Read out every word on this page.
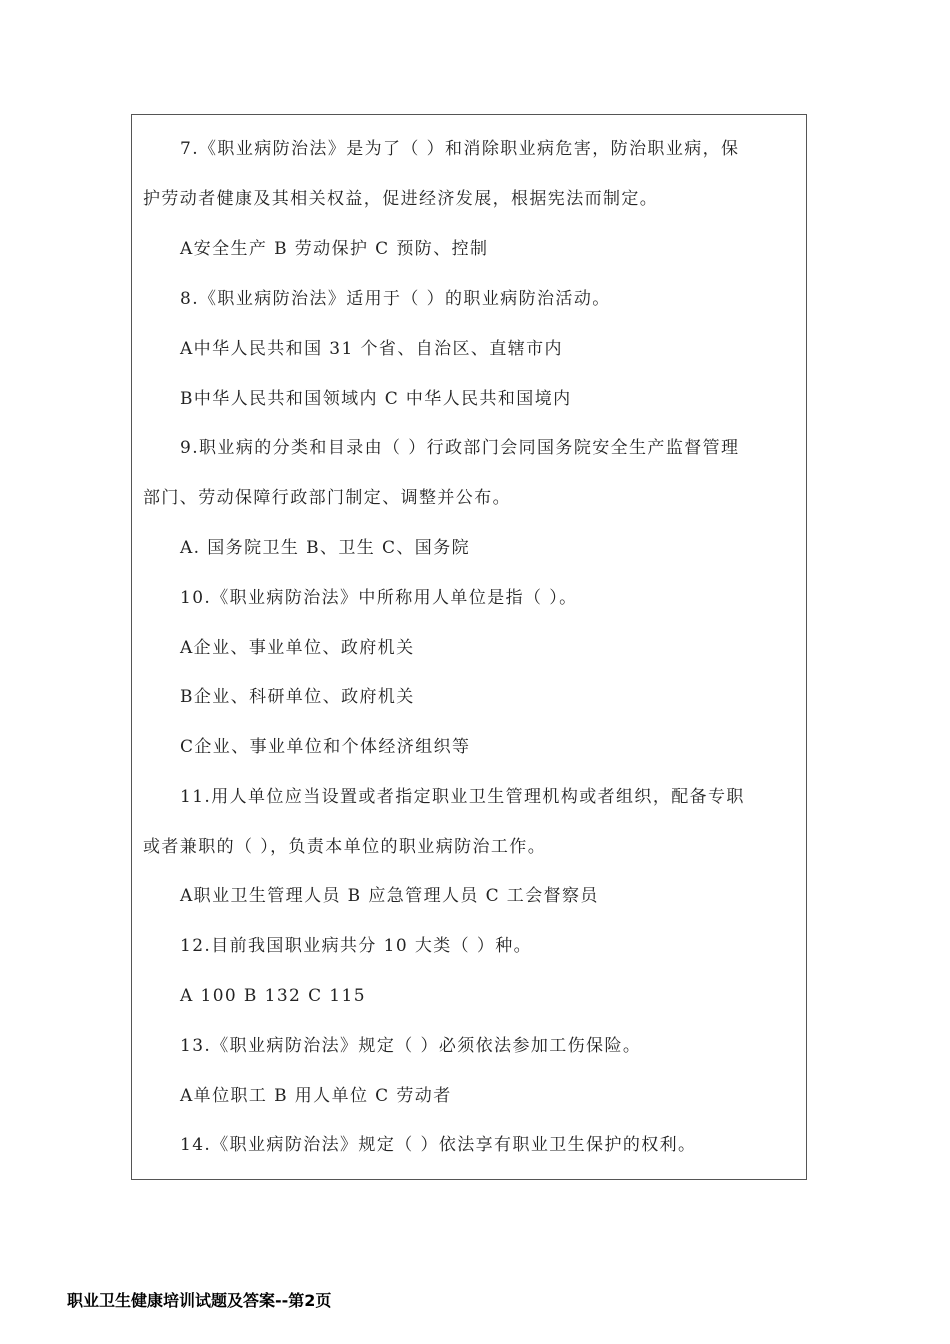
7.《职业病防治法》是为了（ ）和消除职业病危害，防治职业病，保
护劳动者健康及其相关权益，促进经济发展，根据宪法而制定。
A安全生产 B 劳动保护 C 预防、控制
8.《职业病防治法》适用于（ ）的职业病防治活动。
A中华人民共和国 31 个省、自治区、直辖市内
B中华人民共和国领域内 C 中华人民共和国境内
9.职业病的分类和目录由（ ）行政部门会同国务院安全生产监督管理
部门、劳动保障行政部门制定、调整并公布。
A. 国务院卫生 B、卫生 C、国务院
10.《职业病防治法》中所称用人单位是指（ ）。
A企业、事业单位、政府机关
B企业、科研单位、政府机关
C企业、事业单位和个体经济组织等
11.用人单位应当设置或者指定职业卫生管理机构或者组织，配备专职
或者兼职的（ ），负责本单位的职业病防治工作。
A职业卫生管理人员 B 应急管理人员 C 工会督察员
12.目前我国职业病共分 10 大类（ ）种。
A 100 B 132 C 115
13.《职业病防治法》规定（ ）必须依法参加工伤保险。
A单位职工 B 用人单位 C 劳动者
14.《职业病防治法》规定（ ）依法享有职业卫生保护的权利。
职业卫生健康培训试题及答案--第2页
